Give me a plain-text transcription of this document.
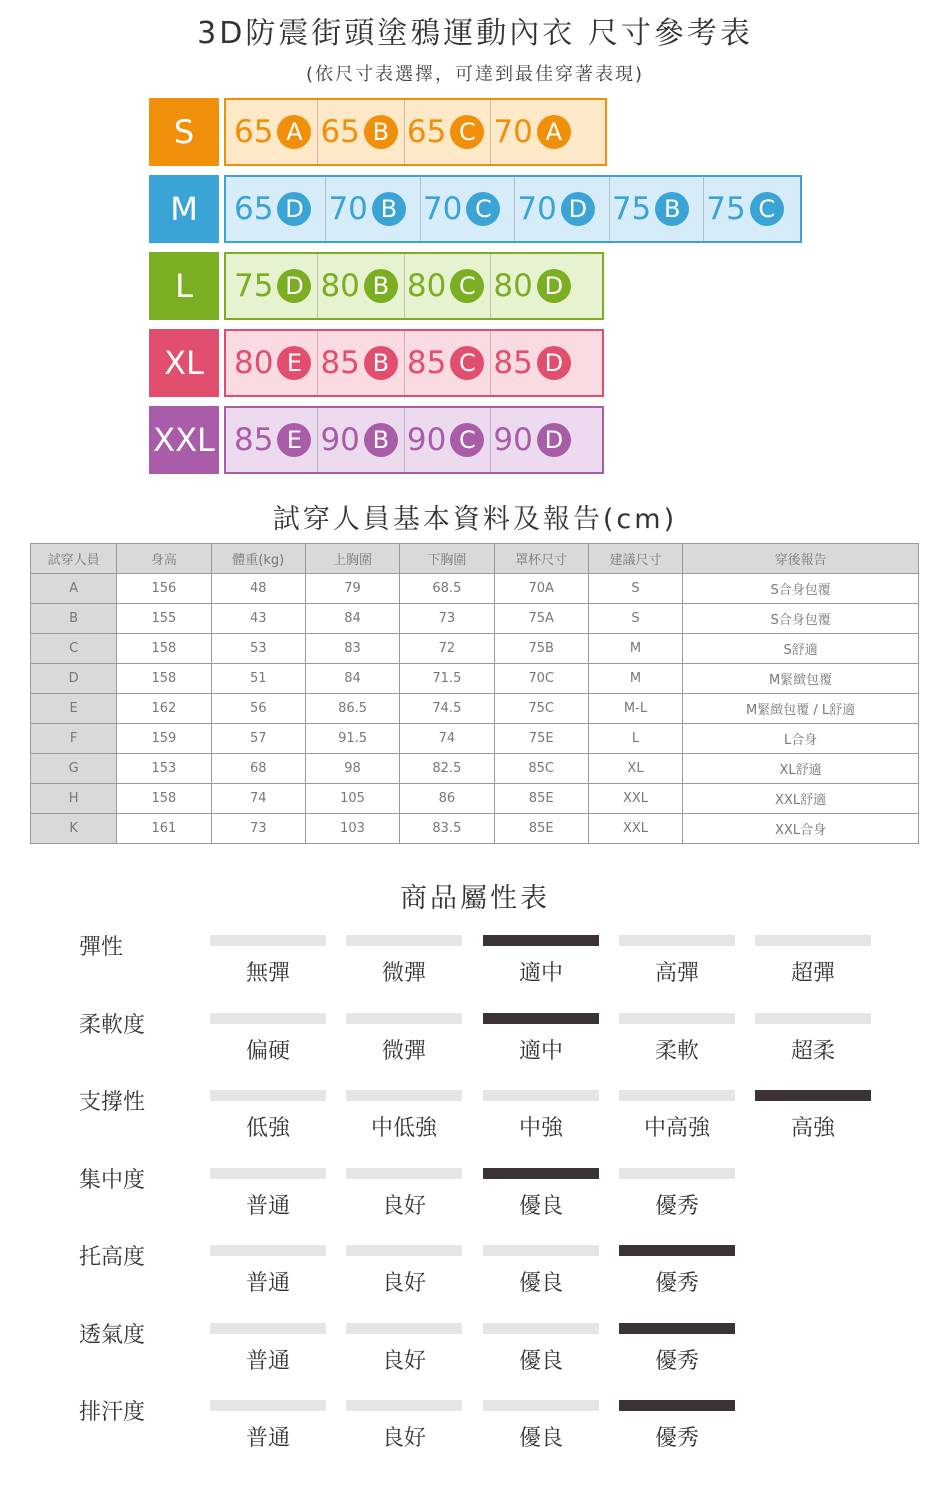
3D防震街頭塗鴉運動內衣 尺寸參考表
(依尺寸表選擇，可達到最佳穿著表現)
S	65 A 65 B 65 C 70 A
M	65 D 70 B 70 C 70 D 75 B 75 C
L	75 D 80 B 80 C 80 D
XL 80 E 85 B 85 C 85 D
XXL 85 E 90 B 90 C 90 D
試穿人員基本資料及報告(cm)
試穿人員	身高	體重(kg)	上胸圍	下胸圍	罩杯尺寸	建議尺寸	穿後報告
A	156	48	79	68.5	70A	S	S合身包覆
B	155	43	84	73	75A	S	S合身包覆
C	158	53	83	72	75B	M	S舒適
D	158	51	84	71.5	70C	M	M緊緻包覆
E	162	56	86.5	74.5	75C	M-L	M緊緻包覆 / L舒適
F	159	57	91.5	74	75E	L	L合身
G	153	68	98	82.5	85C	XL	XL舒適
H	158	74	105	86	85E	XXL	XXL舒適
K	161	73	103	83.5	85E	XXL	XXL合身
商品屬性表
彈性
無彈	微彈	適中	高彈	超彈
柔軟度
偏硬	微彈	適中	柔軟	超柔
支撐性
低強	中低強	中強	中高強	高強
集中度
普通	良好	優良	優秀
托高度
普通	良好	優良	優秀
透氣度
普通	良好	優良	優秀
排汗度
普通	良好	優良	優秀
